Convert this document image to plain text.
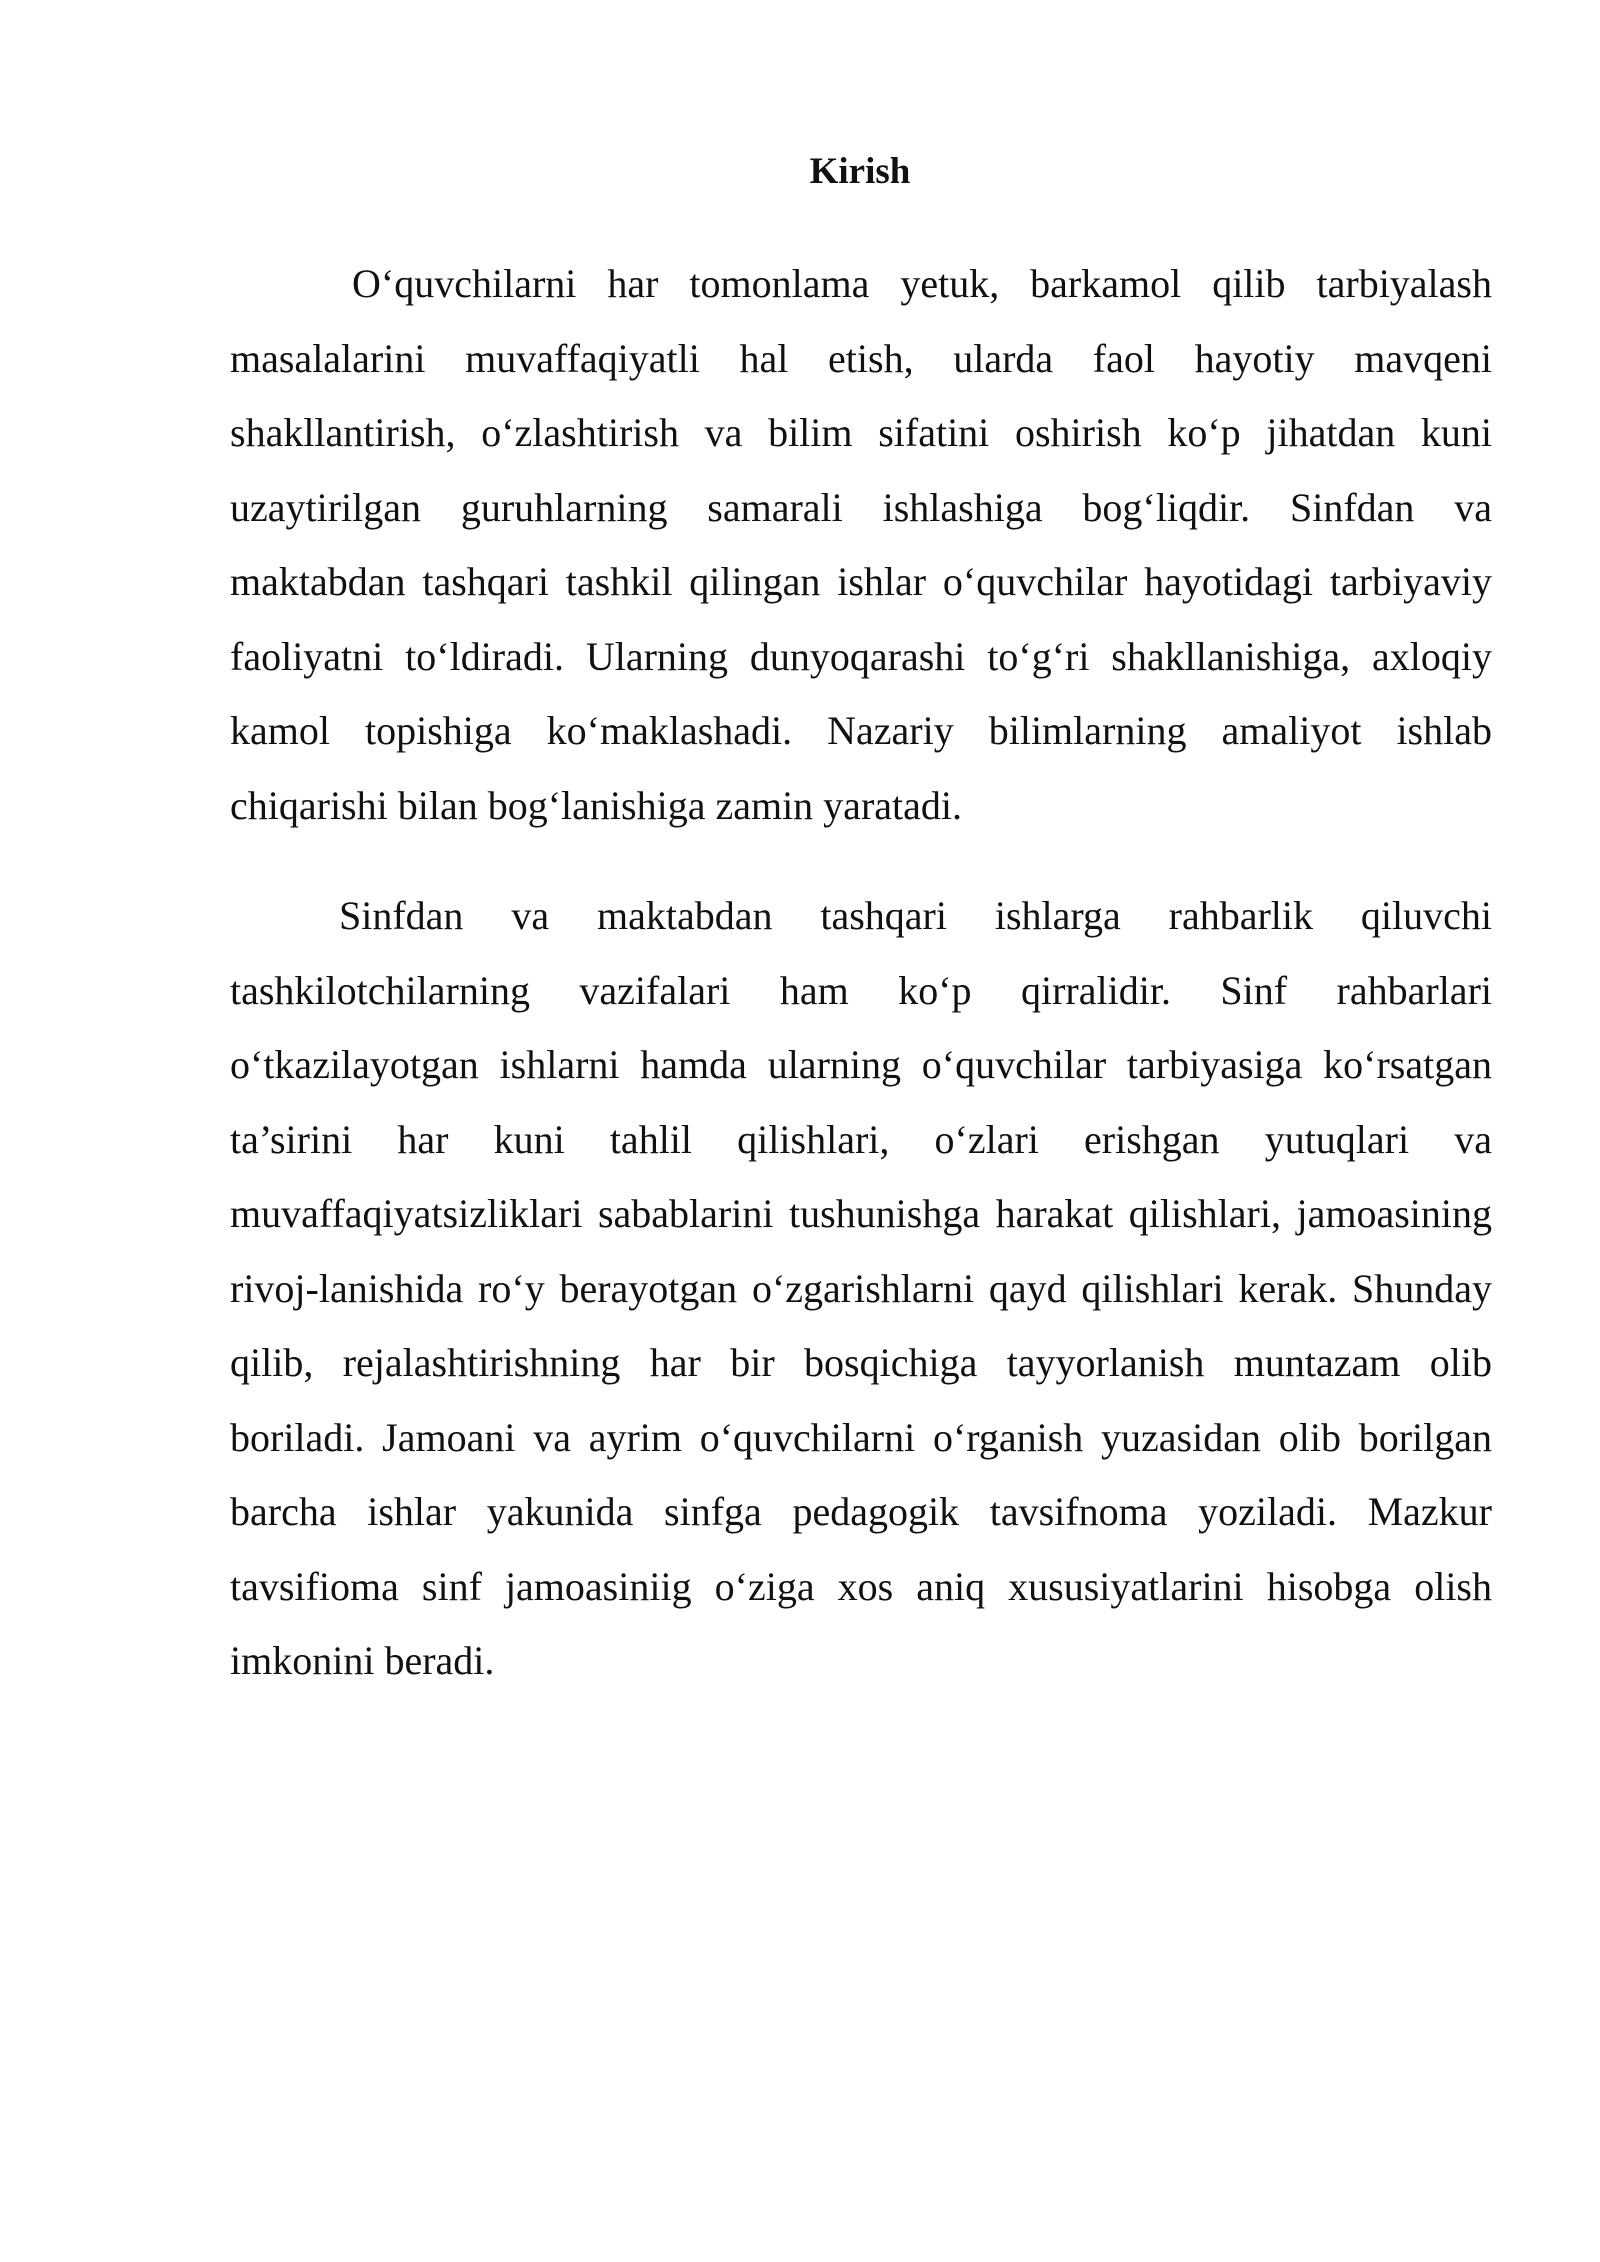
Kirish

O‘quvchilarni har tomonlama yetuk, barkamol qilib tarbiyalash masalalarini muvaffaqiyatli hal etish, ularda faol hayotiy mavqeni shakllantirish, o‘zlashtirish va bilim sifatini oshirish ko‘p jihatdan kuni uzaytirilgan guruhlarning samarali ishlashiga bog‘liqdir. Sinfdan va maktabdan tashqari tashkil qilingan ishlar o‘quvchilar hayotidagi tarbiyaviy faoliyatni to‘ldiradi. Ularning dunyoqarashi to‘g‘ri shakllanishiga, axloqiy kamol topishiga ko‘maklashadi. Nazariy bilimlarning amaliyot ishlab chiqarishi bilan bog‘lanishiga zamin yaratadi.

Sinfdan va maktabdan tashqari ishlarga rahbarlik qiluvchi tashkilotchilarning vazifalari ham ko‘p qirralidir. Sinf rahbarlari o‘tkazilayotgan ishlarni hamda ularning o‘quvchilar tarbiyasiga ko‘rsatgan ta’sirini har kuni tahlil qilishlari, o‘zlari erishgan yutuqlari va muvaffaqiyatsizliklari sabablarini tushunishga harakat qilishlari, jamoasining rivoj-lanishida ro‘y berayotgan o‘zgarishlarni qayd qilishlari kerak. Shunday qilib, rejalashtirishning har bir bosqichiga tayyorlanish muntazam olib boriladi. Jamoani va ayrim o‘quvchilarni o‘rganish yuzasidan olib borilgan barcha ishlar yakunida sinfga pedagogik tavsifnoma yoziladi. Mazkur tavsifioma sinf jamoasiniig o‘ziga xos aniq xususiyatlarini hisobga olish imkonini beradi.
